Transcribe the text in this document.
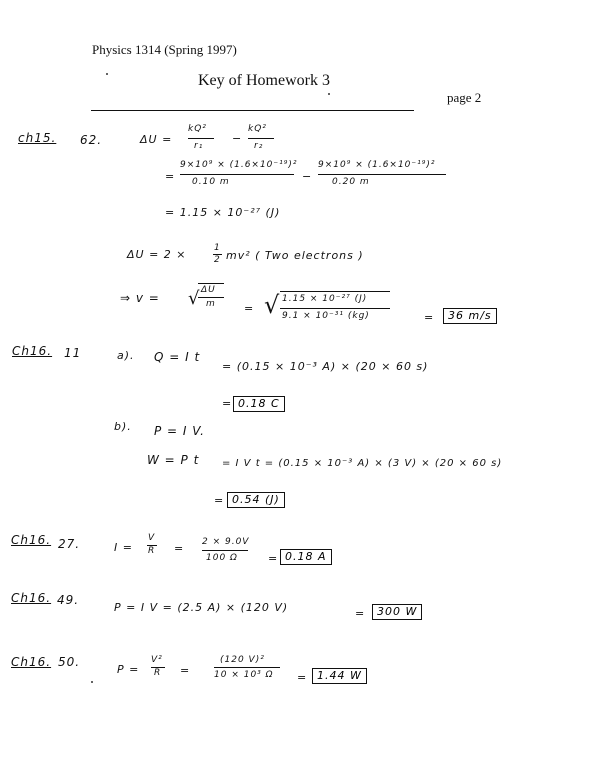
Physics 1314 (Spring 1997)
Key of Homework 3
page 2
ch15. 62.	ΔU =
kQ²
r₁
−
kQ²
r₂
=
9×10⁹ × (1.6×10⁻¹⁹)²
0.10 m	−
9×10⁹ × (1.6×10⁻¹⁹)²
0.20 m
= 1.15 × 10⁻²⁷ (J)
ΔU = 2 ×	1
2 mv² ( Two electrons )
⇒ v = √ ΔU
m	= √ 1.15 × 10⁻²⁷ (J)
9.1 × 10⁻³¹ (kg)	=	36 m/s
Ch16. 11	a). Q = I t
= (0.15 × 10⁻³ A) × (20 × 60 s)
= 0.18 C
b). P = I V.
W = P t = I V t = (0.15 × 10⁻³ A) × (3 V) × (20 × 60 s)
= 0.54 (J)
Ch16. 27.	I =
V
R = 2 × 9.0V
100 Ω	= 0.18 A
Ch16. 49.
P = I V = (2.5 A) × (120 V)	=	300 W
Ch16. 50.
P =
V²
R =
(120 V)²
10 × 10³ Ω = 1.44 W
